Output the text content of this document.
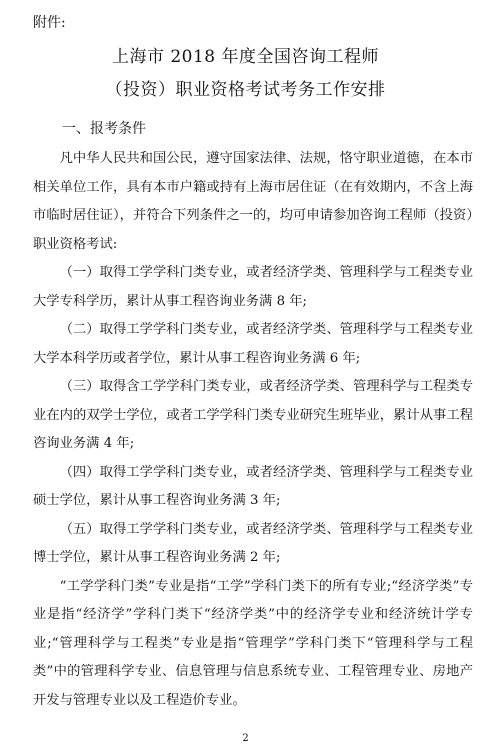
附件:
上海市 2018 年度全国咨询工程师
（投资）职业资格考试考务工作安排
一、报考条件

凡中华人民共和国公民，遵守国家法律、法规，恪守职业道德，在本市相关单位工作，具有本市户籍或持有上海市居住证（在有效期内，不含上海市临时居住证），并符合下列条件之一的，均可申请参加咨询工程师（投资）职业资格考试:

（一）取得工学学科门类专业，或者经济学类、管理科学与工程类专业大学专科学历，累计从事工程咨询业务满 8 年;

（二）取得工学学科门类专业，或者经济学类、管理科学与工程类专业大学本科学历或者学位，累计从事工程咨询业务满 6 年;

（三）取得含工学学科门类专业，或者经济学类、管理科学与工程类专业在内的双学士学位，或者工学学科门类专业研究生班毕业，累计从事工程咨询业务满 4 年;

（四）取得工学学科门类专业，或者经济学类、管理科学与工程类专业硕士学位，累计从事工程咨询业务满 3 年;

（五）取得工学学科门类专业，或者经济学类、管理科学与工程类专业博士学位，累计从事工程咨询业务满 2 年;

“工学学科门类”专业是指“工学”学科门类下的所有专业;“经济学类”专业是指“经济学”学科门类下“经济学类”中的经济学专业和经济统计学专业;“管理科学与工程类”专业是指“管理学”学科门类下“管理科学与工程类”中的管理科学专业、信息管理与信息系统专业、工程管理专业、房地产开发与管理专业以及工程造价专业。

2
